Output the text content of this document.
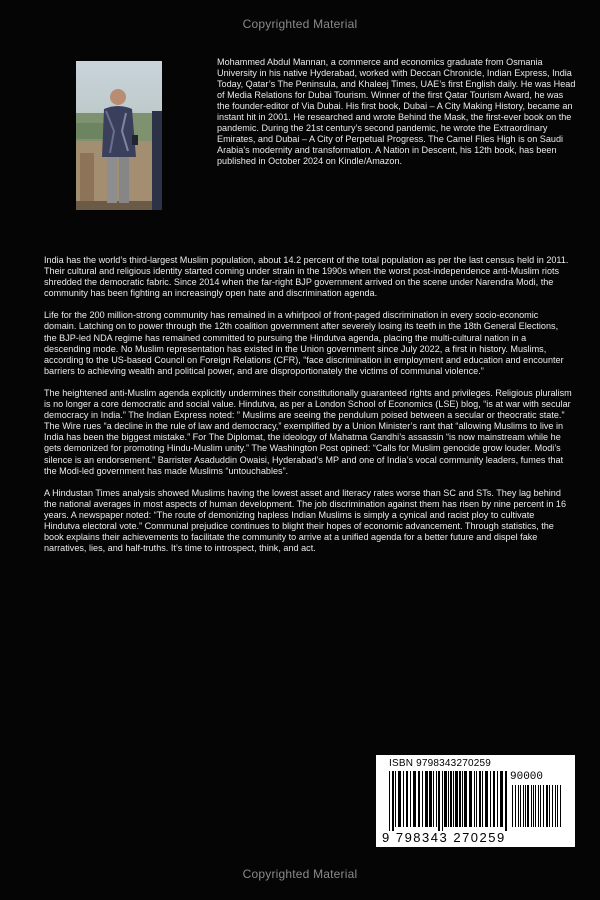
Copyrighted Material

Mohammed Abdul Mannan, a commerce and economics graduate from Osmania University in his native Hyderabad, worked with Deccan Chronicle, Indian Express, India Today, Qatar’s The Peninsula, and Khaleej Times, UAE’s first English daily. He was Head of Media Relations for Dubai Tourism. Winner of the first Qatar Tourism Award, he was the founder-editor of Via Dubai. His first book, Dubai – A City Making History, became an instant hit in 2001. He researched and wrote Behind the Mask, the first-ever book on the pandemic. During the 21st century’s second pandemic, he wrote the Extraordinary Emirates, and Dubai – A City of Perpetual Progress. The Camel Flies High is on Saudi Arabia’s modernity and transformation. A Nation in Descent, his 12th book, has been published in October 2024 on Kindle/Amazon.

India has the world’s third-largest Muslim population, about 14.2 percent of the total population as per the last census held in 2011. Their cultural and religious identity started coming under strain in the 1990s when the worst post-independence anti-Muslim riots shredded the democratic fabric. Since 2014 when the far-right BJP government arrived on the scene under Narendra Modi, the community has been fighting an increasingly open hate and discrimination agenda.

Life for the 200 million-strong community has remained in a whirlpool of front-paged discrimination in every socio-economic domain. Latching on to power through the 12th coalition government after severely losing its teeth in the 18th General Elections, the BJP-led NDA regime has remained committed to pursuing the Hindutva agenda, placing the multi-cultural nation in a descending mode. No Muslim representation has existed in the Union government since July 2022, a first in history. Muslims, according to the US-based Council on Foreign Relations (CFR), “face discrimination in employment and education and encounter barriers to achieving wealth and political power, and are disproportionately the victims of communal violence.”

The heightened anti-Muslim agenda explicitly undermines their constitutionally guaranteed rights and privileges. Religious pluralism is no longer a core democratic and social value. Hindutva, as per a London School of Economics (LSE) blog, “is at war with secular democracy in India.” The Indian Express noted: ” Muslims are seeing the pendulum poised between a secular or theocratic state.” The Wire rues “a decline in the rule of law and democracy,” exemplified by a Union Minister’s rant that “allowing Muslims to live in India has been the biggest mistake.” For The Diplomat, the ideology of Mahatma Gandhi’s assassin “is now mainstream while he gets demonized for promoting Hindu-Muslim unity.” The Washington Post opined: “Calls for Muslim genocide grow louder. Modi’s silence is an endorsement.” Barrister Asaduddin Owaisi, Hyderabad’s MP and one of India’s vocal community leaders, fumes that the Modi-led government has made Muslims “untouchables”.

A Hindustan Times analysis showed Muslims having the lowest asset and literacy rates worse than SC and STs. They lag behind the national averages in most aspects of human development. The job discrimination against them has risen by nine percent in 16 years. A newspaper noted: “The route of demonizing hapless Indian Muslims is simply a cynical and racist ploy to cultivate Hindutva electoral vote.” Communal prejudice continues to blight their hopes of economic advancement. Through statistics, the book explains their achievements to facilitate the community to arrive at a unified agenda for a better future and dispel fake narratives, lies, and half-truths. It’s time to introspect, think, and act.

ISBN 9798343270259
90000
9 798343 270259
Copyrighted Material
